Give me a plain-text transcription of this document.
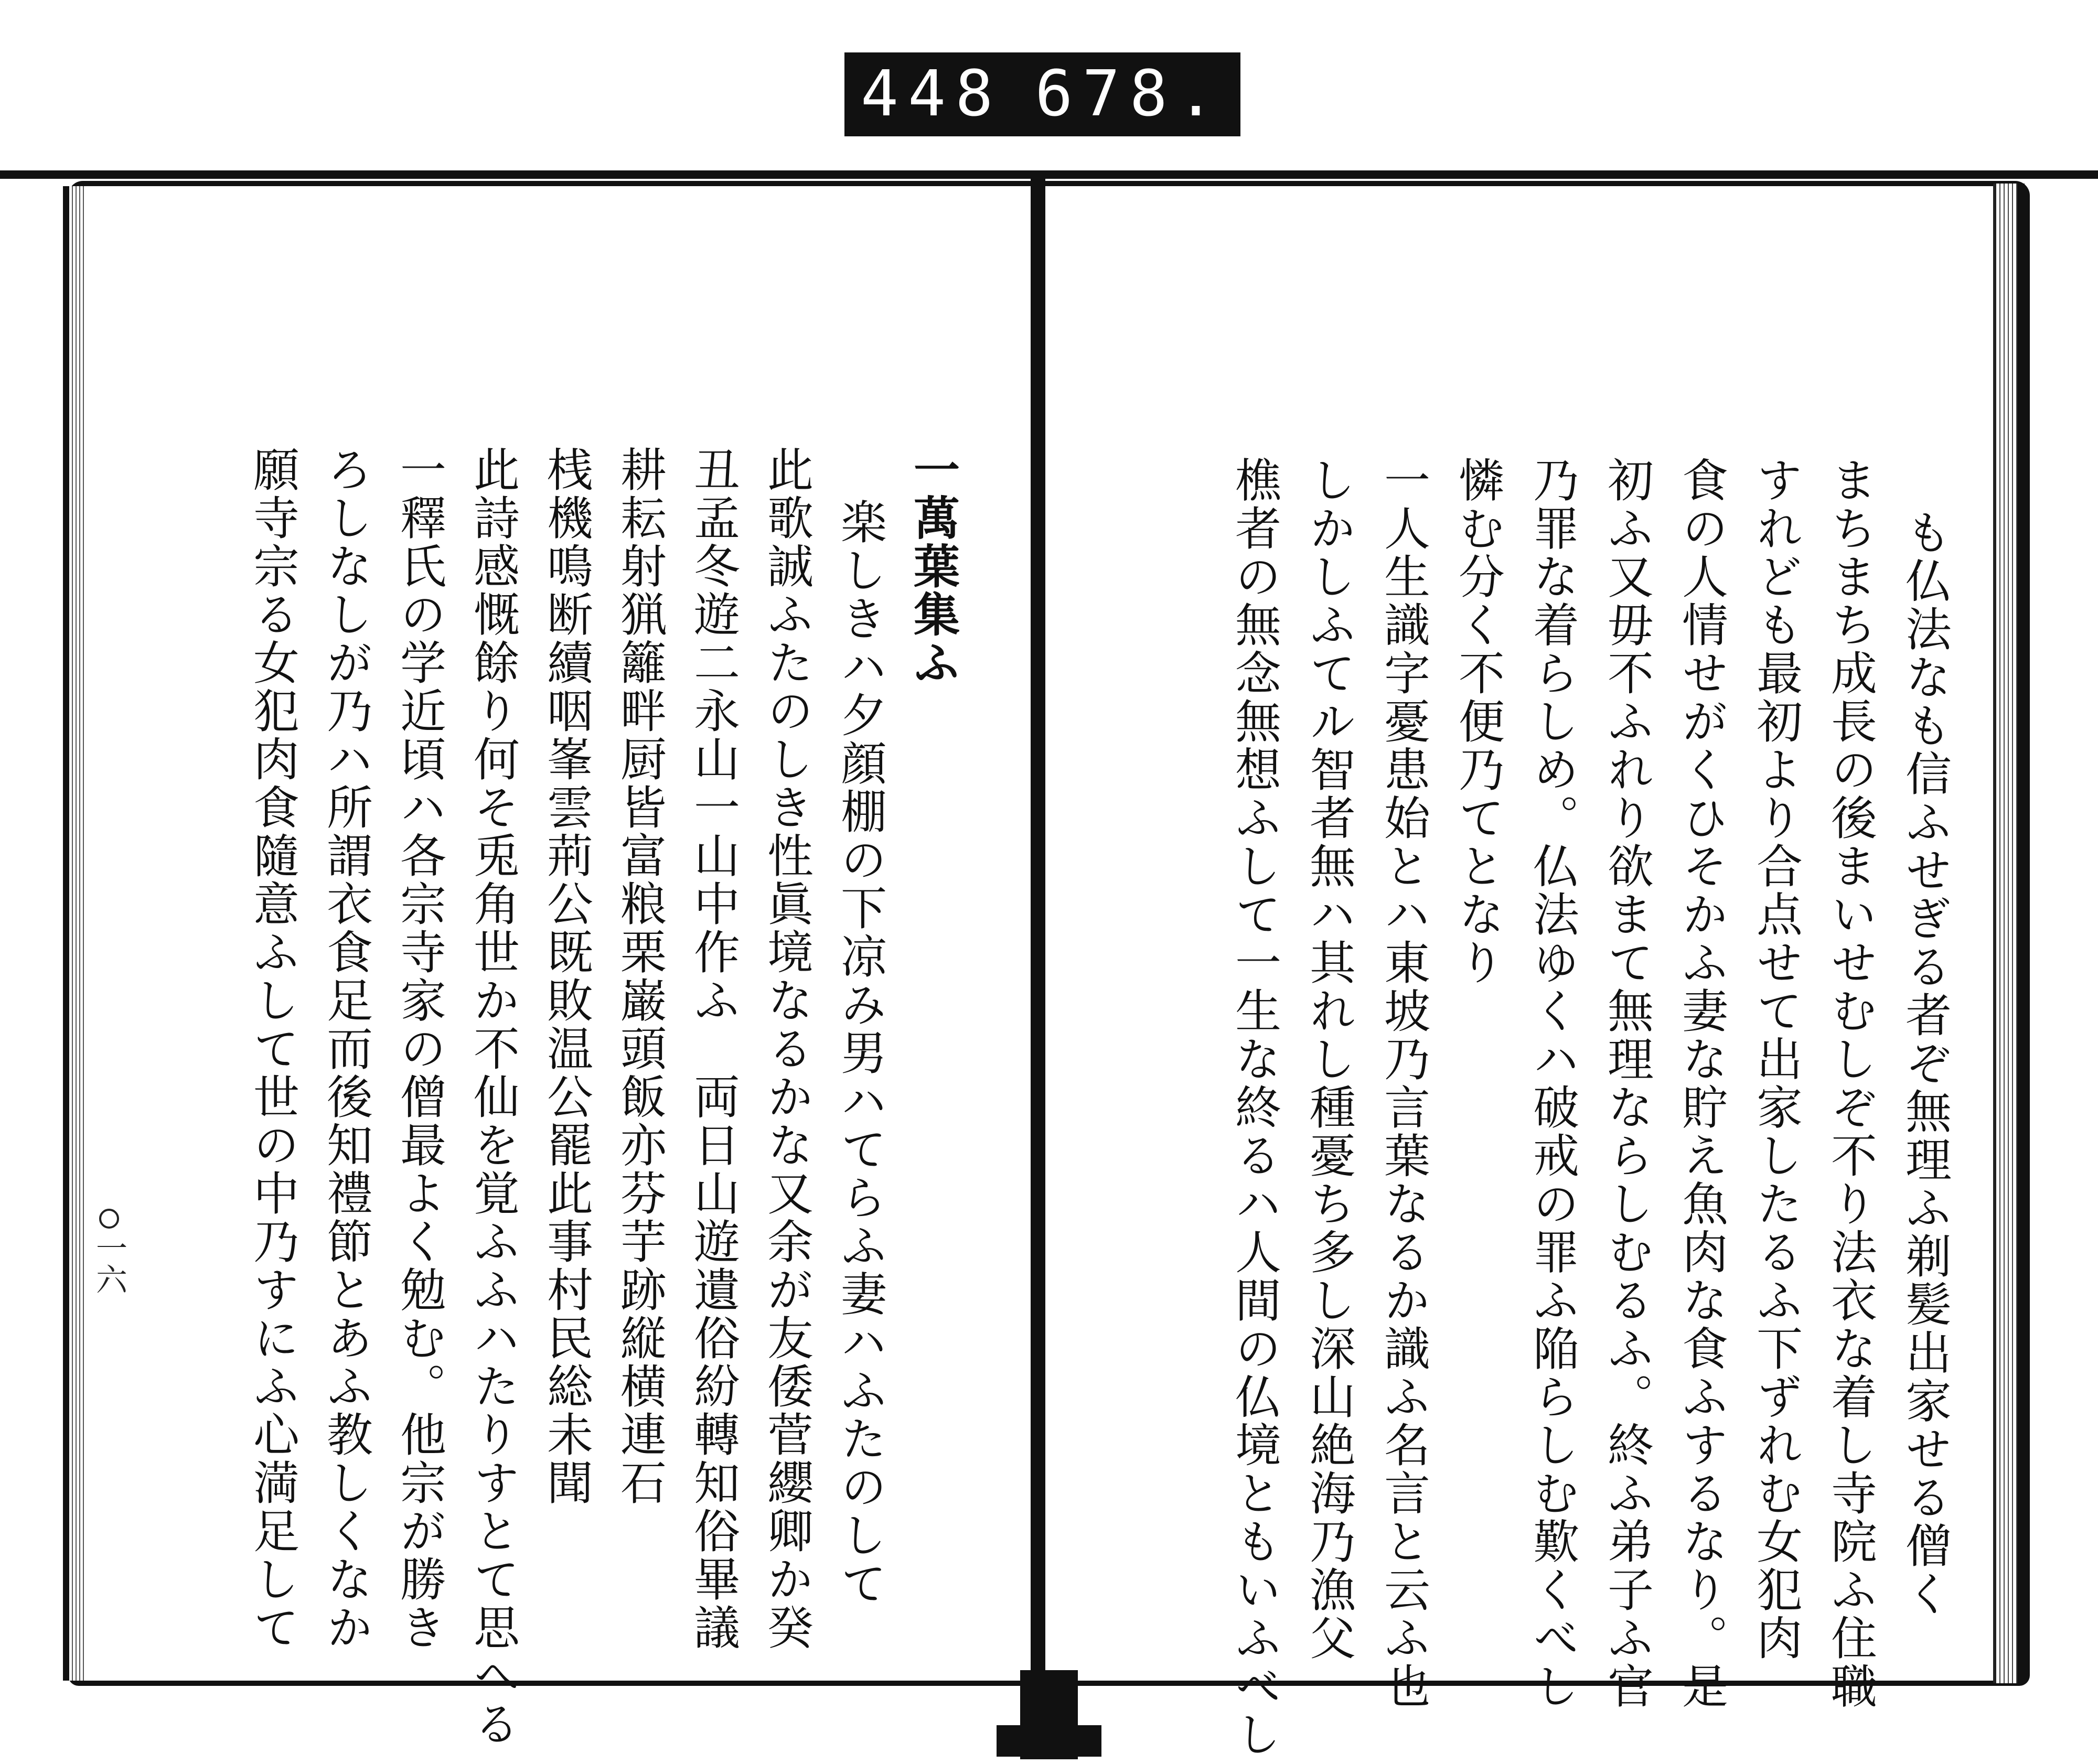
448 678.
も仏法なも信ふせぎる者ぞ無理ふ剃髪出家せる僧く
まちまち成長の後まいせむしぞ不り法衣な着し寺院ふ住職
すれども最初より合点せて出家したるふ下ずれむ女犯肉
食の人情せがくひそかふ妻な貯え魚肉な食ふするなり。是
初ふ又毋不ふれり欲まて無理ならしむるふ。終ふ弟子ふ官
乃罪な着らしめ。仏法ゆくハ破戒の罪ふ陥らしむ歎くべし
憐む分く不便乃てとなり
一人生識字憂患始とハ東坡乃言葉なるか識ふ名言と云ふ也
しかしふてル智者無ハ其れし種憂ち多し深山絶海乃漁父
樵者の無念無想ふして一生な終るハ人間の仏境ともいふべし
一萬葉集ふ
楽しきハ夕顔棚の下凉み男ハてらふ妻ハふたのして
此歌誠ふたのしき性眞境なるかな又余が友倭菅纓卿か癸
丑孟冬遊二永山一山中作ふ　両日山遊遺俗紛轉知俗畢議
耕耘射猟籬畔厨皆富粮栗巌頭飯亦芬芋跡縦横連石
桟機鳴断續咽峯雲荊公既敗温公罷此事村民総未聞
此詩感慨餘り何そ兎角世か不仙を覚ふふハたりすとて思へる
一釋氏の学近頃ハ各宗寺家の僧最よく勉む。他宗が勝き
ろしなしが乃ハ所謂衣食足而後知禮節とあふ教しくなか
願寺宗る女犯肉食隨意ふして世の中乃すにふ心満足して
一六
